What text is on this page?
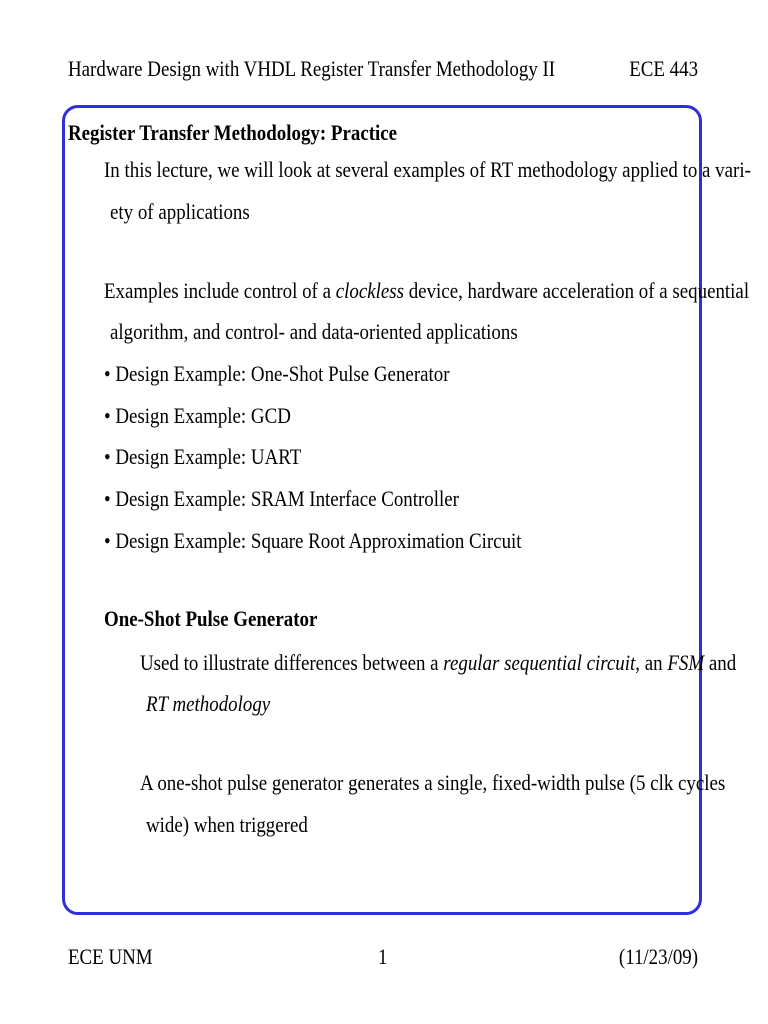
Hardware Design with VHDL Register Transfer Methodology II	ECE 443
Register Transfer Methodology: Practice
In this lecture, we will look at several examples of RT methodology applied to a vari-
ety of applications
Examples include control of a clockless device, hardware acceleration of a sequential
algorithm, and control- and data-oriented applications
• Design Example: One-Shot Pulse Generator
• Design Example: GCD
• Design Example: UART
• Design Example: SRAM Interface Controller
• Design Example: Square Root Approximation Circuit
One-Shot Pulse Generator
Used to illustrate differences between a regular sequential circuit, an FSM and
RT methodology
A one-shot pulse generator generates a single, fixed-width pulse (5 clk cycles
wide) when triggered
ECE UNM	1	(11/23/09)
